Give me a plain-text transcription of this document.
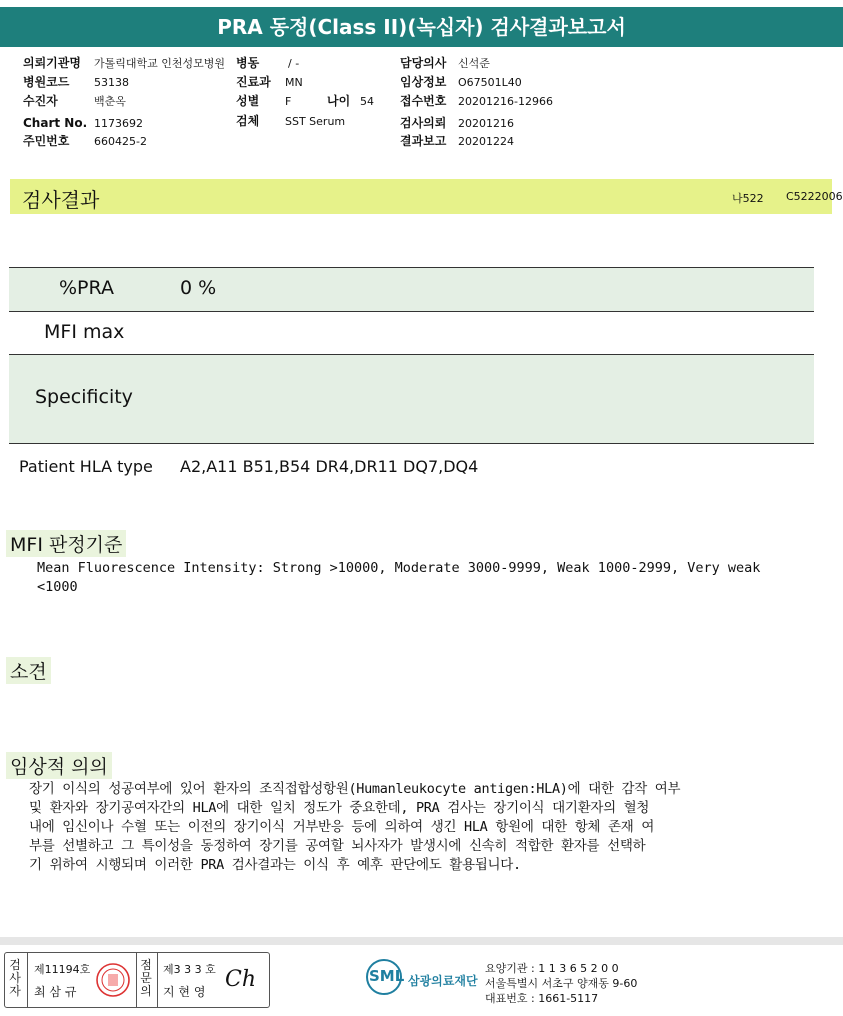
PRA 동정(Class II)(녹십자) 검사결과보고서
의뢰기관명 가톨릭대학교 인천성모병원 병동	/ -	담당의사 신석준
병원코드 53138	진료과 MN	임상정보 O67501L40
수진자	백춘옥	성별 F	나이 54 접수번호 20201216-12966
Chart No. 1173692	검체 SST Serum	검사의뢰 20201216
주민번호 660425-2	결과보고 20201224
검사결과	나522 C5222006
%PRA	0 %
MFI max
Specificity
Patient HLA type A2,A11 B51,B54 DR4,DR11 DQ7,DQ4
MFI 판정기준
Mean Fluorescence Intensity: Strong >10000, Moderate 3000-9999, Weak 1000-2999, Very weak
<1000
소견
임상적 의의

장기 이식의 성공여부에 있어 환자의 조직접합성항원(Humanleukocyte antigen:HLA)에 대한 감작 여부

및 환자와 장기공여자간의 HLA에 대한 일치 정도가 중요한데, PRA 검사는 장기이식 대기환자의 혈청

내에 임신이나 수혈 또는 이전의 장기이식 거부반응 등에 의하여 생긴 HLA 항원에 대한 항체 존재 여

부를 선별하고 그 특이성을 동정하여 장기를 공여할 뇌사자가 발생시에 신속히 적합한 환자를 선택하

기 위하여 시행되며 이러한 PRA 검사결과는 이식 후 예후 판단에도 활용됩니다.

검
사
자
제11194호
최 삼 규
점
문
의
제3 3 3 호
지 현 영 Ch	SML 삼광의료재단
요양기관 : 1 1 3 6 5 2 0 0
서울특별시 서초구 양재동 9-60
대표번호 : 1661-5117
